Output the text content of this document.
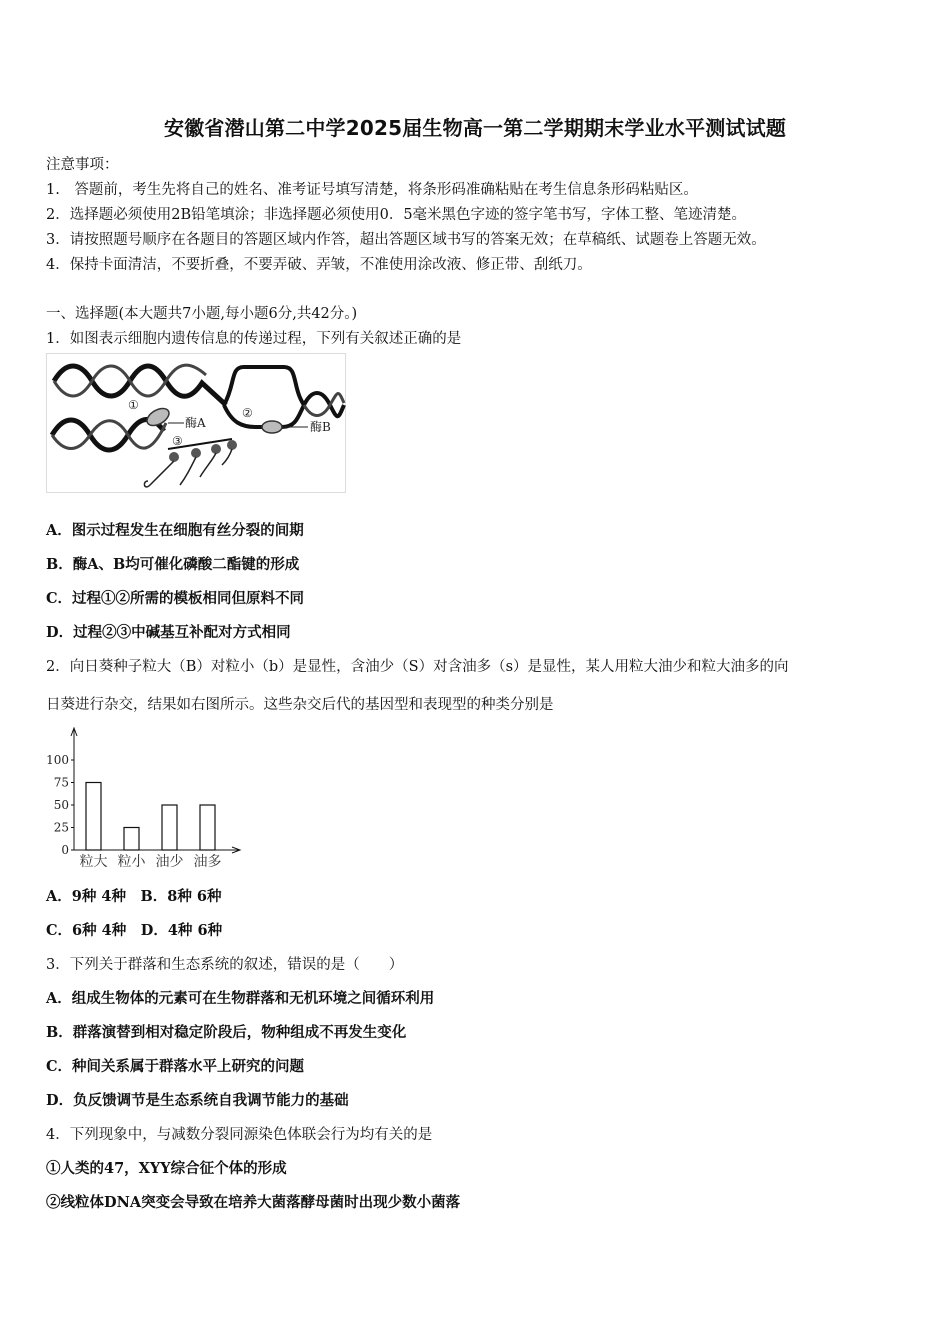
安徽省潜山第二中学2025届生物高一第二学期期末学业水平测试试题
注意事项：
1.　答题前，考生先将自己的姓名、准考证号填写清楚，将条形码准确粘贴在考生信息条形码粘贴区。
2．选择题必须使用2B铅笔填涂；非选择题必须使用0．5毫米黑色字迹的签字笔书写，字体工整、笔迹清楚。
3．请按照题号顺序在各题目的答题区域内作答，超出答题区域书写的答案无效；在草稿纸、试题卷上答题无效。
4．保持卡面清洁，不要折叠，不要弄破、弄皱，不准使用涂改液、修正带、刮纸刀。
一、选择题(本大题共7小题,每小题6分,共42分。)
1．如图表示细胞内遗传信息的传递过程，下列有关叙述正确的是
酶A
①
②
酶B
③
A．图示过程发生在细胞有丝分裂的间期
B．酶A、B均可催化磷酸二酯键的形成
C．过程①②所需的模板相同但原料不同
D．过程②③中碱基互补配对方式相同
2．向日葵种子粒大（B）对粒小（b）是显性，含油少（S）对含油多（s）是显性，某人用粒大油少和粒大油多的向
日葵进行杂交，结果如右图所示。这些杂交后代的基因型和表现型的种类分别是
0
25
50
75
100
粒大 粒小 油少 油多
A．9种 4种　B．8种 6种
C．6种 4种　D．4种 6种
3．下列关于群落和生态系统的叙述，错误的是（　　）
A．组成生物体的元素可在生物群落和无机环境之间循环利用
B．群落演替到相对稳定阶段后，物种组成不再发生变化
C．种间关系属于群落水平上研究的问题
D．负反馈调节是生态系统自我调节能力的基础
4．下列现象中，与减数分裂同源染色体联会行为均有关的是
①人类的47，XYY综合征个体的形成
②线粒体DNA突变会导致在培养大菌落酵母菌时出现少数小菌落
